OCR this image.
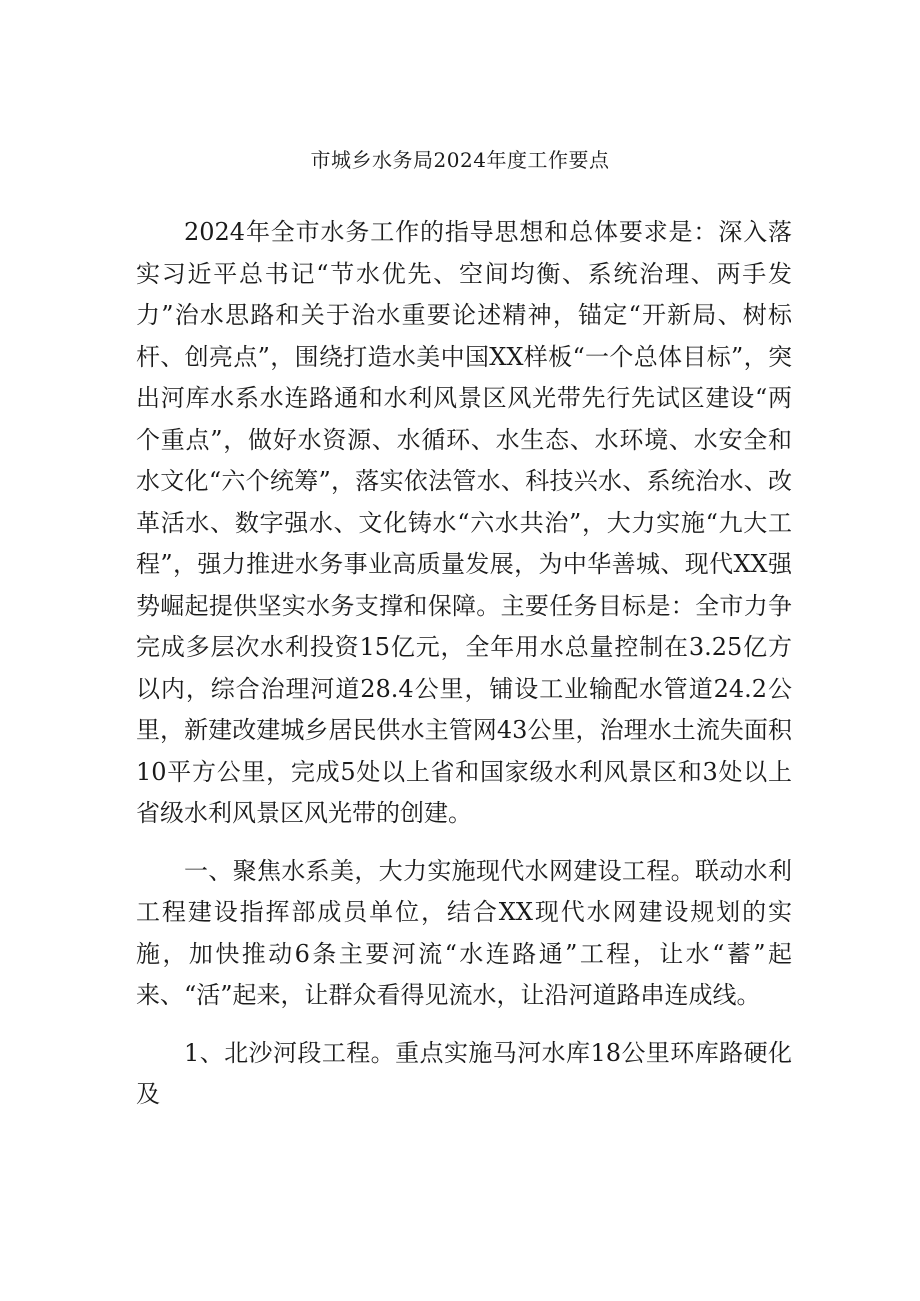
市城乡水务局2024年度工作要点

2024年全市水务工作的指导思想和总体要求是：深入落实习近平总书记“节水优先、空间均衡、系统治理、两手发力”治水思路和关于治水重要论述精神，锚定“开新局、树标杆、创亮点”，围绕打造水美中国XX样板“一个总体目标”，突出河库水系水连路通和水利风景区风光带先行先试区建设“两个重点”，做好水资源、水循环、水生态、水环境、水安全和水文化“六个统筹”，落实依法管水、科技兴水、系统治水、改革活水、数字强水、文化铸水“六水共治”，大力实施“九大工程”，强力推进水务事业高质量发展，为中华善城、现代XX强势崛起提供坚实水务支撑和保障。主要任务目标是：全市力争完成多层次水利投资15亿元，全年用水总量控制在3.25亿方以内，综合治理河道28.4公里，铺设工业输配水管道24.2公里，新建改建城乡居民供水主管网43公里，治理水土流失面积10平方公里，完成5处以上省和国家级水利风景区和3处以上省级水利风景区风光带的创建。

一、聚焦水系美，大力实施现代水网建设工程。联动水利工程建设指挥部成员单位，结合XX现代水网建设规划的实施，加快推动6条主要河流“水连路通”工程，让水“蓄”起来、“活”起来，让群众看得见流水，让沿河道路串连成线。

1、北沙河段工程。重点实施马河水库18公里环库路硬化及
